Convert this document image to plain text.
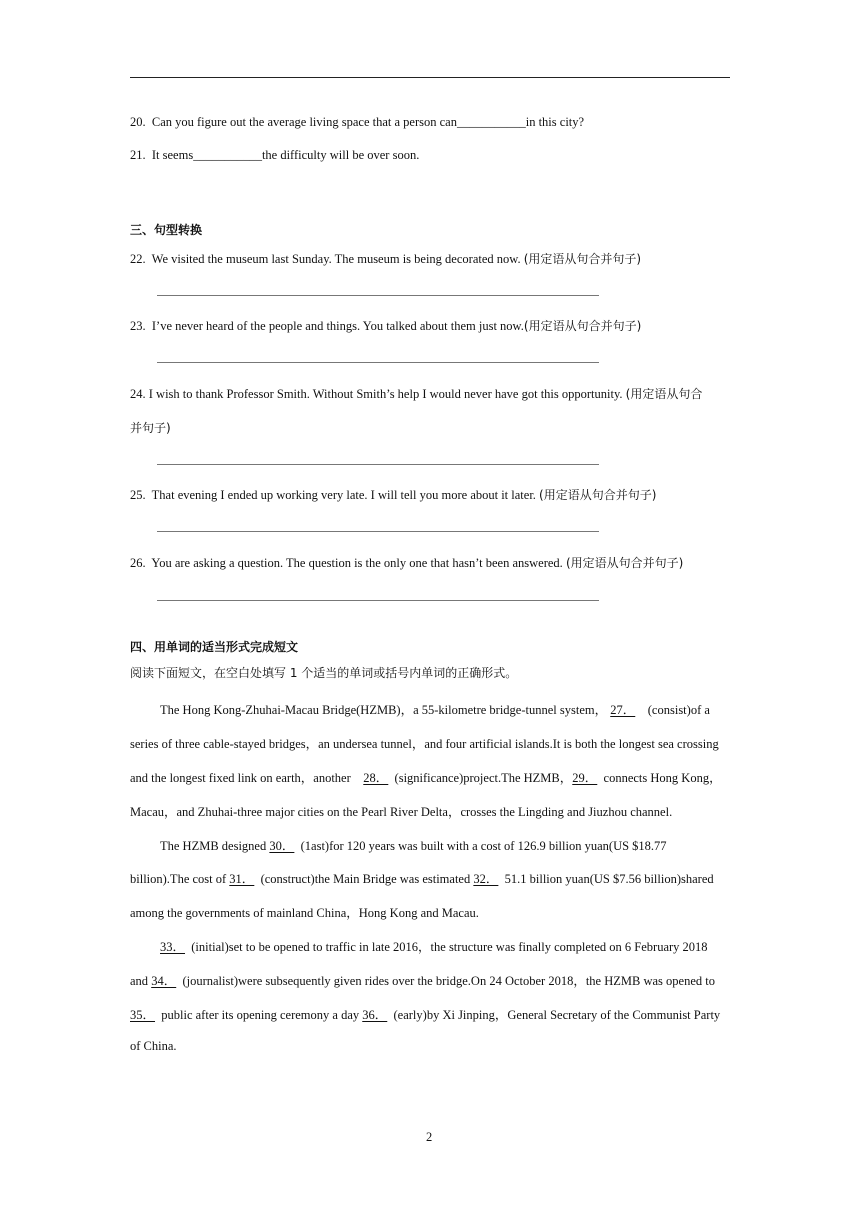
20. Can you figure out the average living space that a person can___________in this city?
21. It seems___________the difficulty will be over soon.
三、句型转换
22. We visited the museum last Sunday. The museum is being decorated now. (用定语从句合并句子)
23. I’ve never heard of the people and things. You talked about them just now.(用定语从句合并句子)
24. I wish to thank Professor Smith. Without Smith’s help I would never have got this opportunity. (用定语从句合
并句子)
25. That evening I ended up working very late. I will tell you more about it later. (用定语从句合并句子)
26. You are asking a question. The question is the only one that hasn’t been answered. (用定语从句合并句子)
四、用单词的适当形式完成短文
阅读下面短文，在空白处填写 1 个适当的单词或括号内单词的正确形式。
The Hong Kong-Zhuhai-Macau Bridge(HZMB)，a 55-kilometre bridge-tunnel system， 27． (consist)of a
series of three cable-stayed bridges，an undersea tunnel，and four artificial islands.It is both the longest sea crossing
and the longest fixed link on earth，another 28． (significance)project.The HZMB，29． connects Hong Kong，
Macau，and Zhuhai-three major cities on the Pearl River Delta，crosses the Lingding and Jiuzhou channel.
The HZMB designed 30． (1ast)for 120 years was built with a cost of 126.9 billion yuan(US $18.77
billion).The cost of 31． (construct)the Main Bridge was estimated 32． 51.1 billion yuan(US $7.56 billion)shared
among the governments of mainland China，Hong Kong and Macau.
33． (initial)set to be opened to traffic in late 2016，the structure was finally completed on 6 February 2018
and 34． (journalist)were subsequently given rides over the bridge.On 24 October 2018，the HZMB was opened to
35． public after its opening ceremony a day 36． (early)by Xi Jinping，General Secretary of the Communist Party
of China.
2
